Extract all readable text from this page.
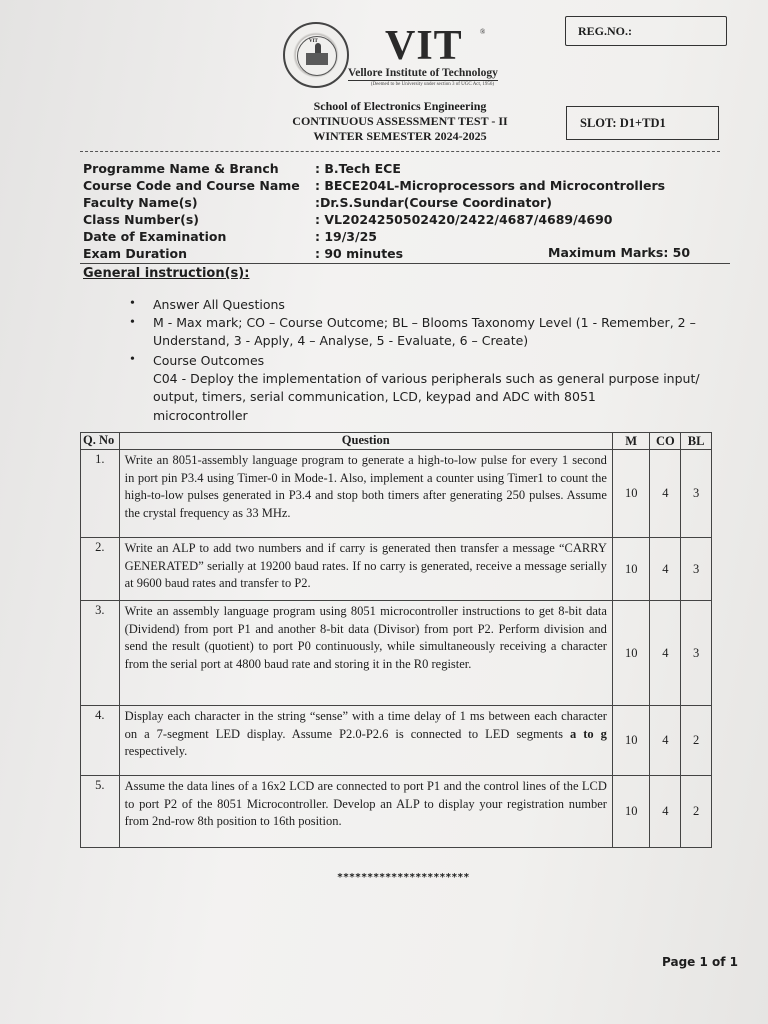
VIT VIT ®
Vellore Institute of Technology
(Deemed to be University under section 3 of UGC Act, 1956)
REG.NO.:
School of Electronics Engineering
CONTINUOUS ASSESSMENT TEST - II
WINTER SEMESTER 2024-2025
SLOT: D1+TD1
Programme Name & Branch	: B.Tech ECE
Course Code and Course Name : BECE204L-Microprocessors and Microcontrollers
Faculty Name(s)	:Dr.S.Sundar(Course Coordinator)
Class Number(s)	: VL2024250502420/2422/4687/4689/4690
Date of Examination	: 19/3/25
Exam Duration	: 90 minutes	Maximum Marks: 50
General instruction(s):
• Answer All Questions
• M - Max mark; CO – Course Outcome; BL – Blooms Taxonomy Level (1 - Remember, 2 –
Understand, 3 - Apply, 4 – Analyse, 5 - Evaluate, 6 – Create)
• Course Outcomes
C04 - Deploy the implementation of various peripherals such as general purpose input/
output, timers, serial communication, LCD, keypad and ADC with 8051
microcontroller
Q. No	Question	M	CO	BL
1.	Write an 8051-assembly language program to generate a high-to-low pulse for every 1 second in port pin P3.4 using Timer-0 in Mode-1. Also, implement a counter using Timer1 to count the high-to-low pulses generated in P3.4 and stop both timers after generating 250 pulses. Assume the crystal frequency as 33 MHz.	10	4	3
2.	Write an ALP to add two numbers and if carry is generated then transfer a message “CARRY GENERATED” serially at 19200 baud rates. If no carry is generated, receive a message serially at 9600 baud rates and transfer to P2.	10	4	3
3.	Write an assembly language program using 8051 microcontroller instructions to get 8-bit data (Dividend) from port P1 and another 8-bit data (Divisor) from port P2. Perform division and send the result (quotient) to port P0 continuously, while simultaneously receiving a character from the serial port at 4800 baud rate and storing it in the R0 register.	10	4	3
4.	Display each character in the string “sense” with a time delay of 1 ms between each character on a 7-segment LED display. Assume P2.0-P2.6 is connected to LED segments a to g respectively.	10	4	2
5.	Assume the data lines of a 16x2 LCD are connected to port P1 and the control lines of the LCD to port P2 of the 8051 Microcontroller. Develop an ALP to display your registration number from 2nd-row 8th position to 16th position.	10	4	2
**********************
Page 1 of 1
